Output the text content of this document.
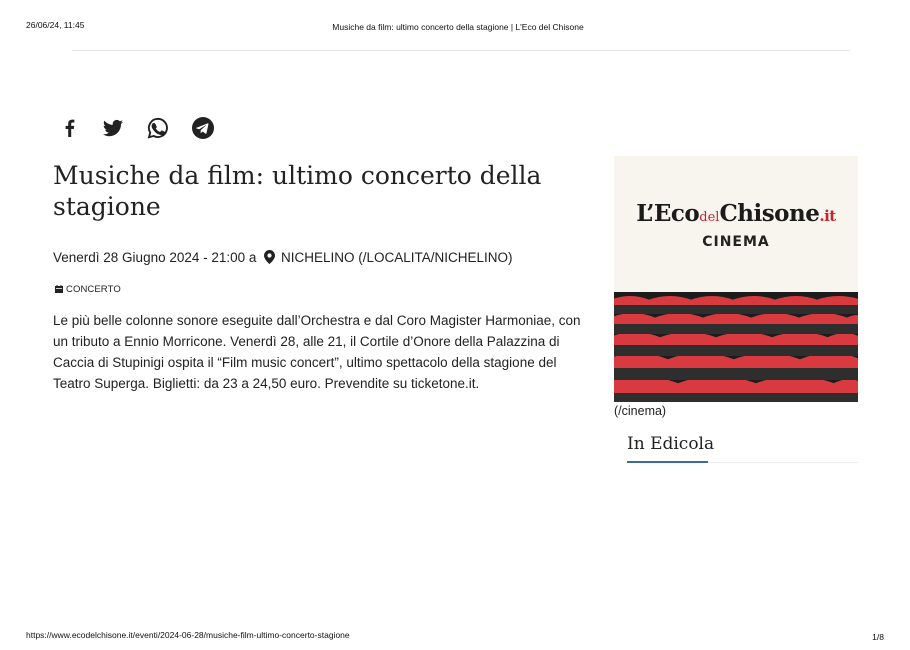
26/06/24, 11:45	Musiche da film: ultimo concerto della stagione | L'Eco del Chisone
Musiche da film: ultimo concerto della stagione
Venerdì 28 Giugno 2024 - 21:00 a NICHELINO (/LOCALITA/NICHELINO)
CONCERTO

Le più belle colonne sonore eseguite dall’Orchestra e dal Coro Magister Harmoniae, con un tributo a Ennio Morricone. Venerdì 28, alle 21, il Cortile d’Onore della Palazzina di Caccia di Stupinigi ospita il “Film music concert”, ultimo spettacolo della stagione del Teatro Superga. Biglietti: da 23 a 24,50 euro. Prevendite su ticketone.it.

L’EcodelChisone.it
CINEMA
(/cinema)
In Edicola
https://www.ecodelchisone.it/eventi/2024-06-28/musiche-film-ultimo-concerto-stagione	1/8
